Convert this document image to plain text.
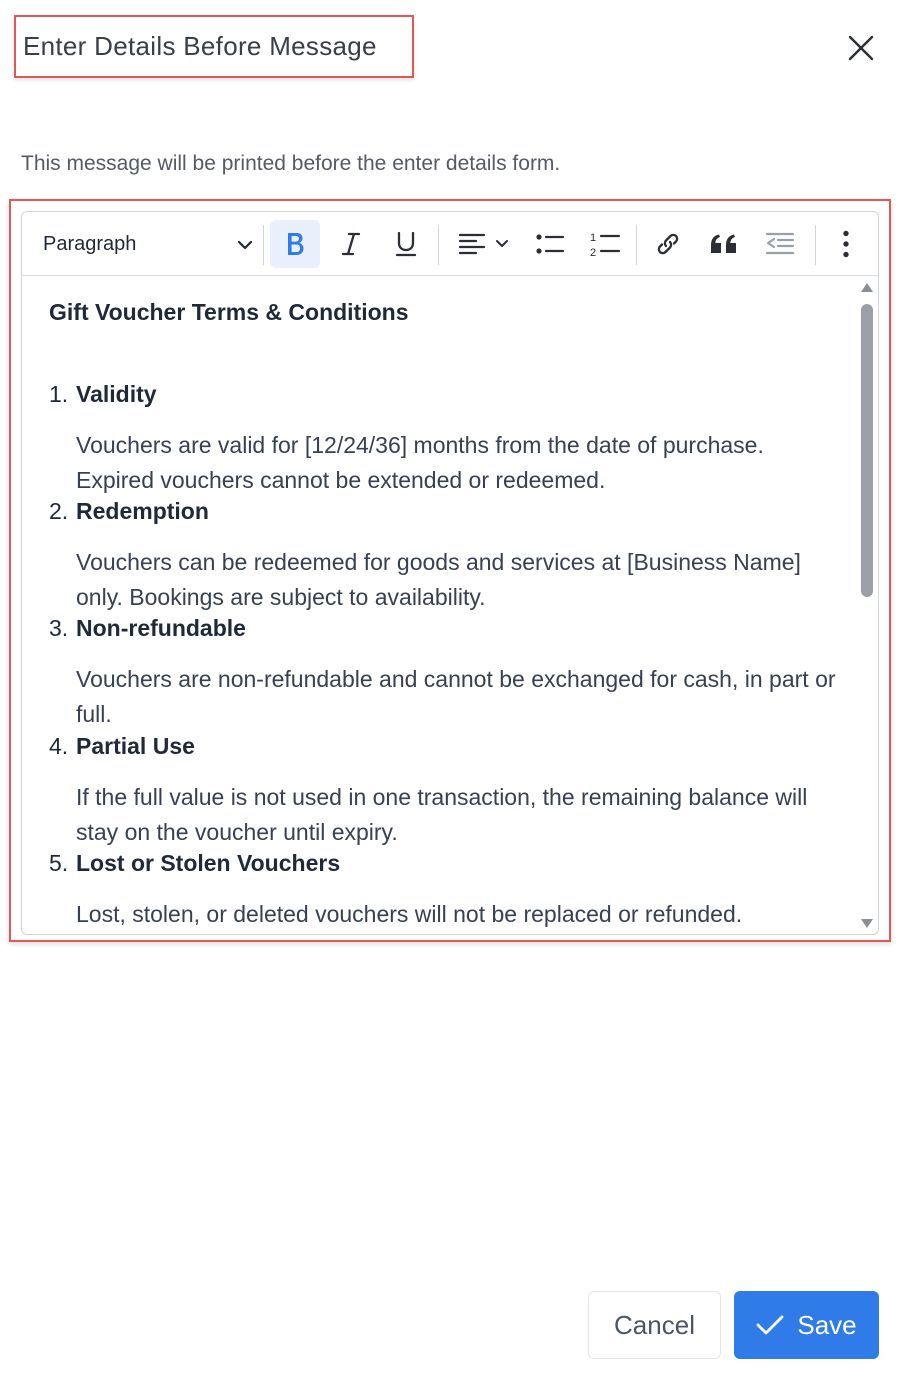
Enter Details Before Message
This message will be printed before the enter details form.
Paragraph	1
2
Gift Voucher Terms & Conditions
1. Validity
Vouchers are valid for [12/24/36] months from the date of purchase. Expired vouchers cannot be extended or redeemed.
2. Redemption
Vouchers can be redeemed for goods and services at [Business Name] only. Bookings are subject to availability.
3. Non-refundable
Vouchers are non-refundable and cannot be exchanged for cash, in part or full.
4. Partial Use
If the full value is not used in one transaction, the remaining balance will stay on the voucher until expiry.
5. Lost or Stolen Vouchers
Lost, stolen, or deleted vouchers will not be replaced or refunded.
Cancel	Save
